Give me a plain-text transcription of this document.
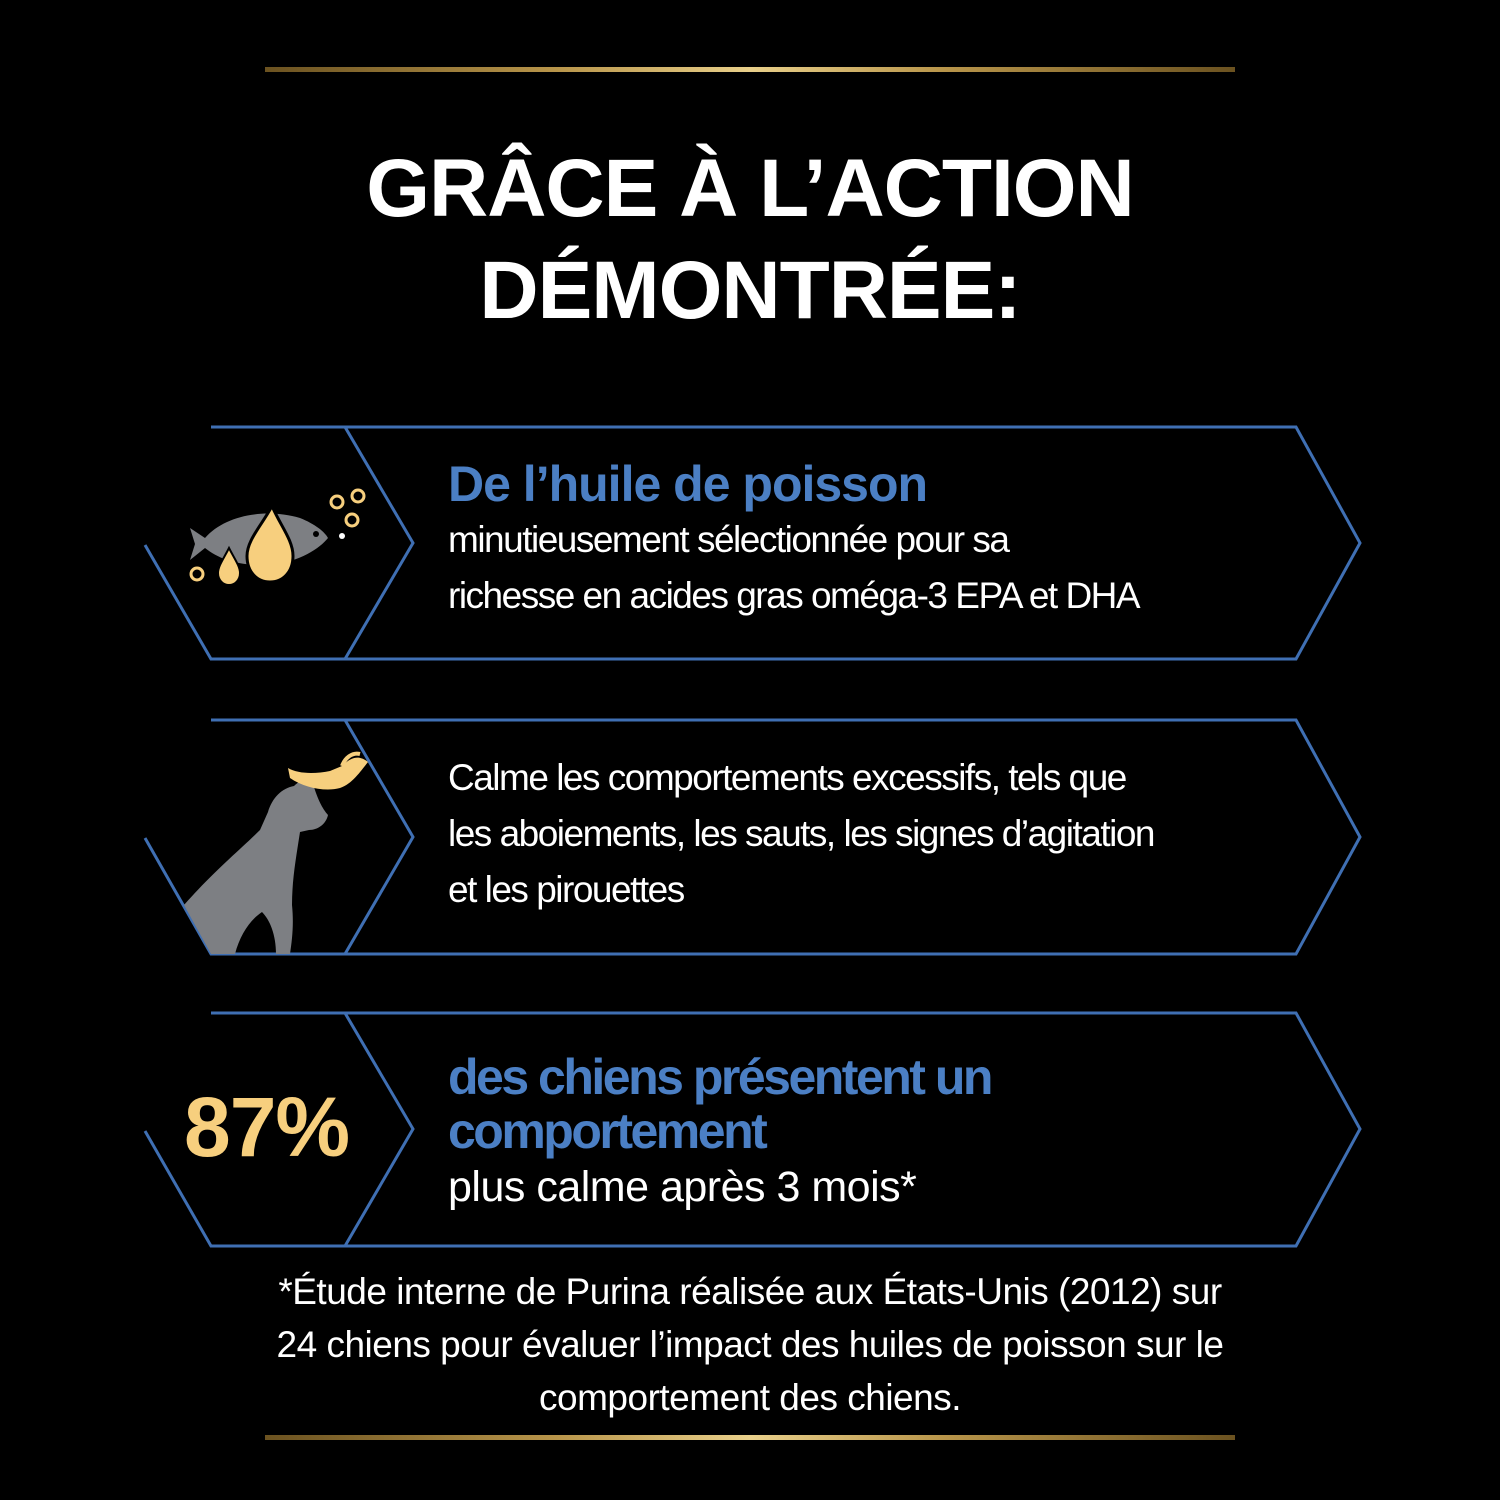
GRÂCE À L’ACTION
DÉMONTRÉE:

De l’huile de poisson

minutieusement sélectionnée pour sa

richesse en acides gras oméga-3 EPA et DHA

Calme les comportements excessifs, tels que

les aboiements, les sauts, les signes d’agitation

et les pirouettes

87%

des chiens présentent un

comportement

plus calme après 3 mois*

*Étude interne de Purina réalisée aux États-Unis (2012) sur
24 chiens pour évaluer l’impact des huiles de poisson sur le
comportement des chiens.
